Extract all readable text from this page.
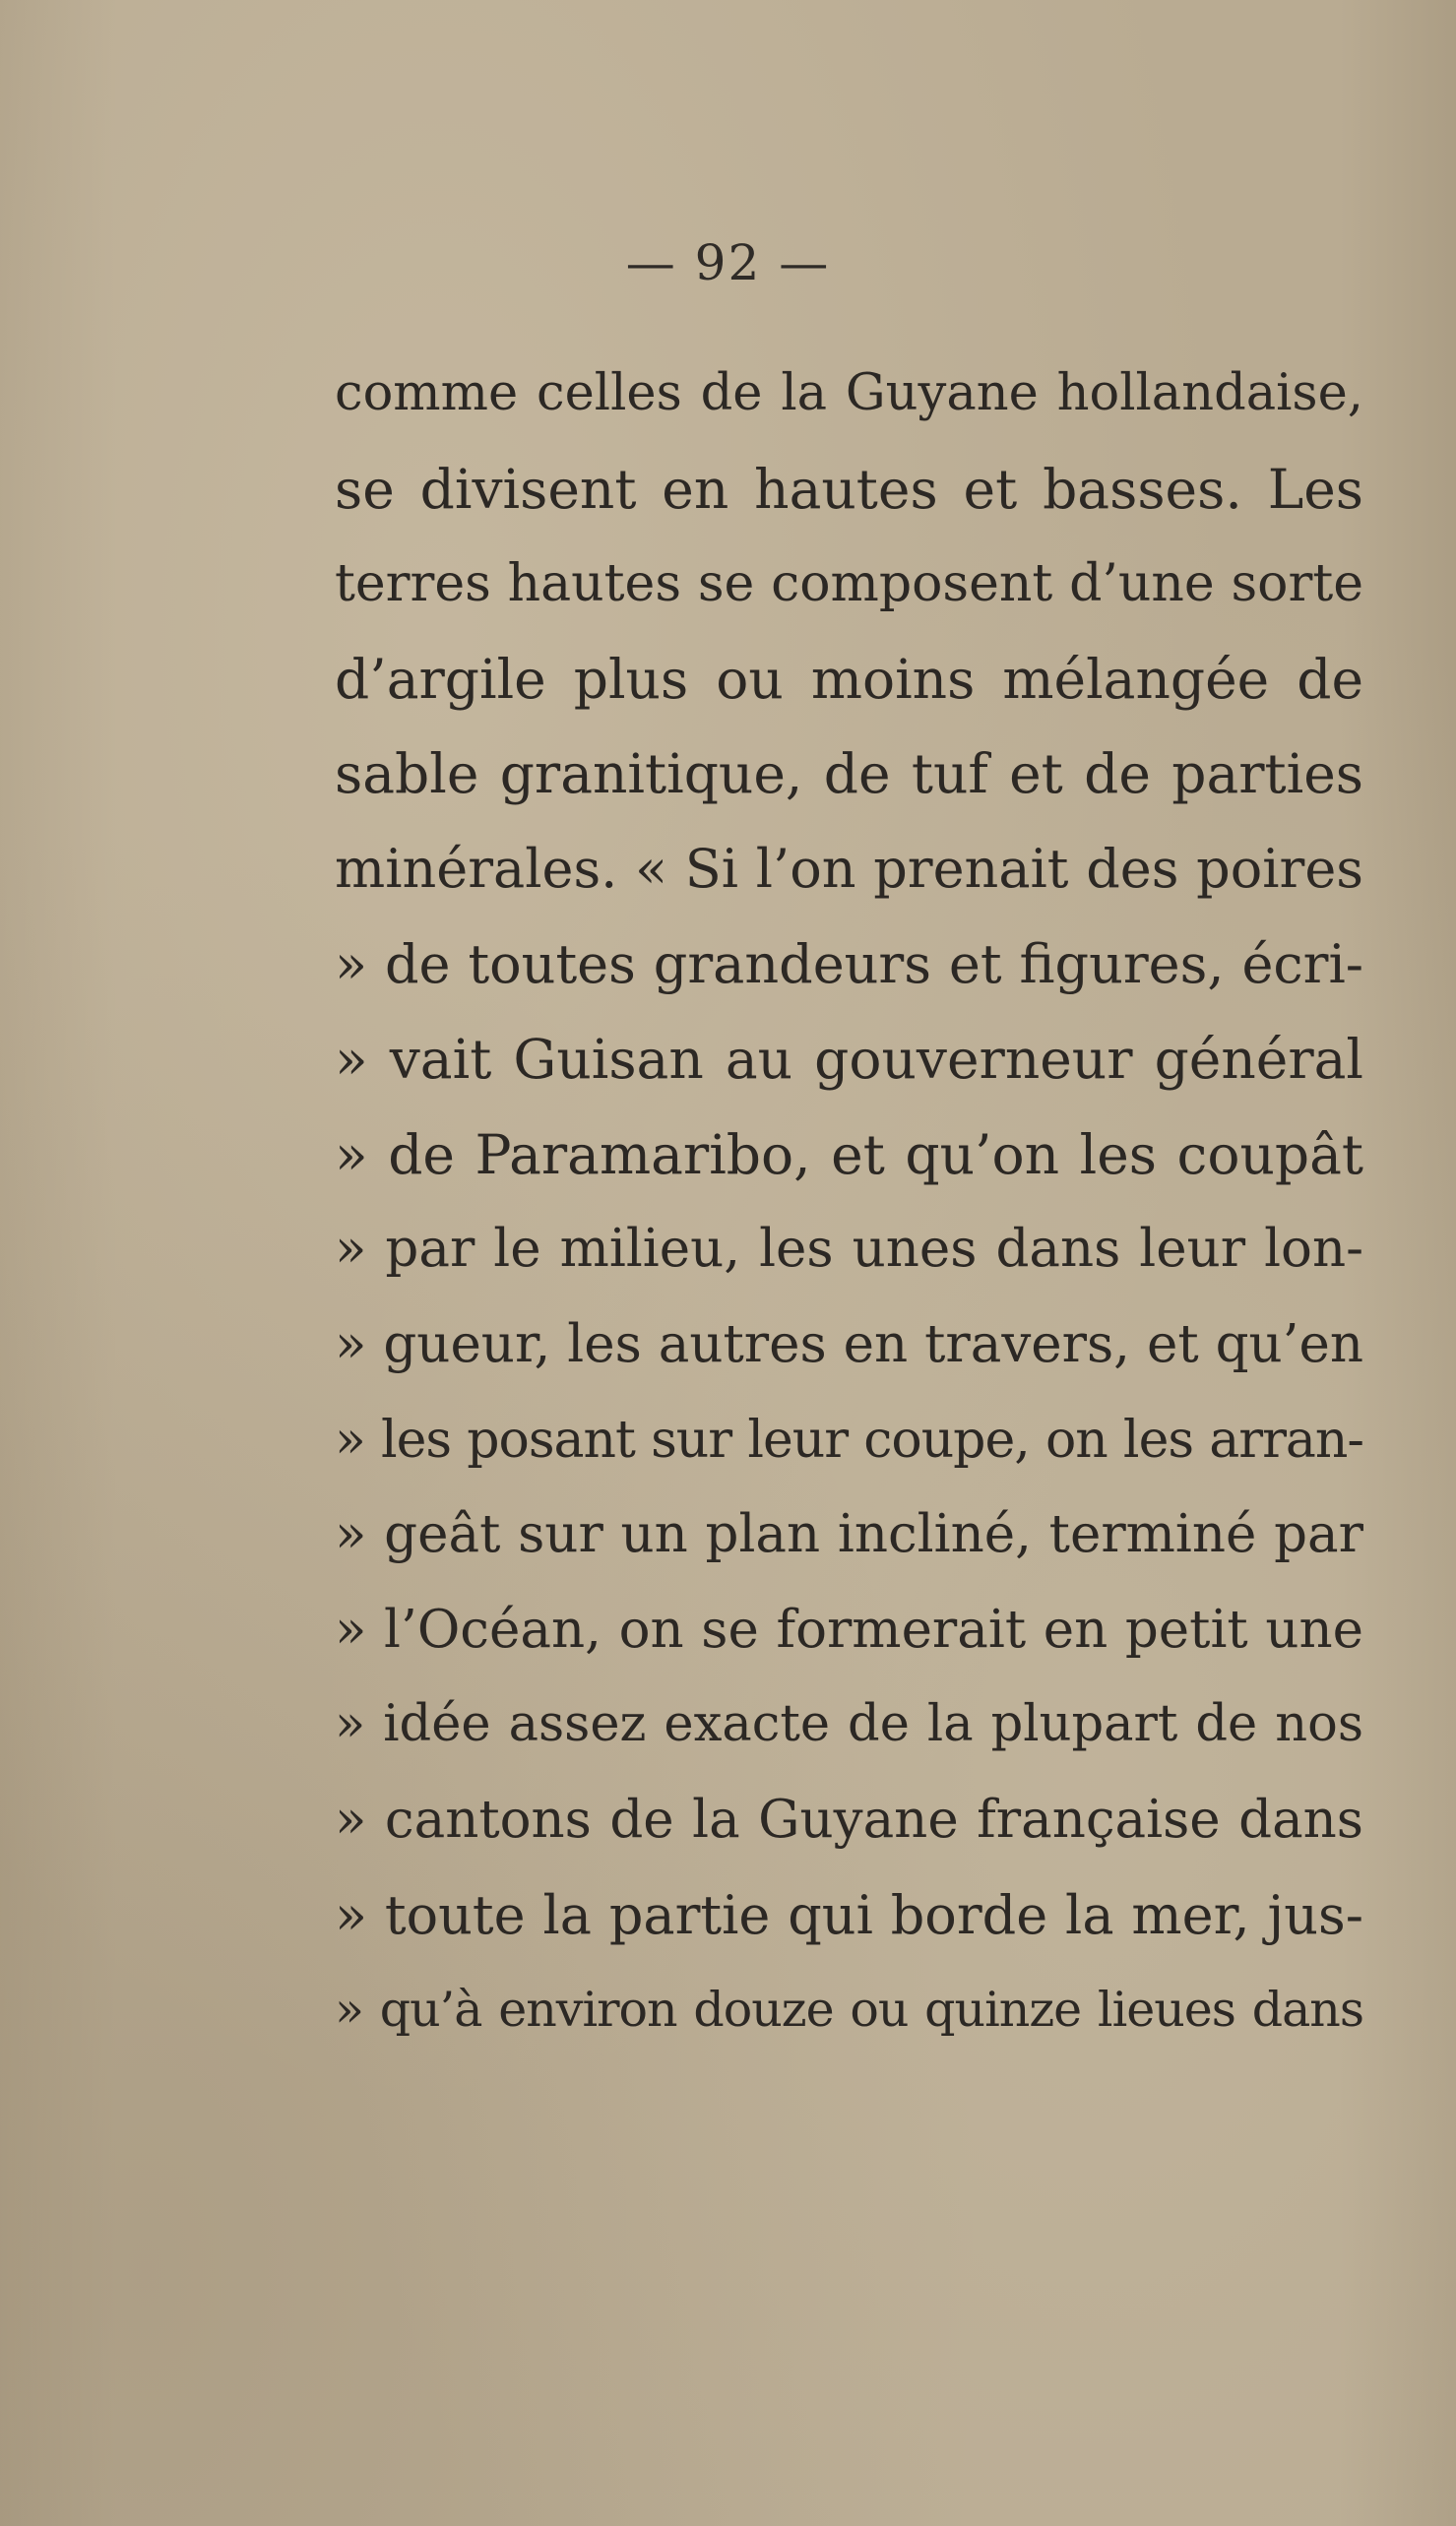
— 92 —
comme celles de la Guyane hollandaise,
se divisent en hautes et basses. Les
terres hautes se composent d’une sorte
d’argile plus ou moins mélangée de
sable granitique, de tuf et de parties
minérales. « Si l’on prenait des poires
» de toutes grandeurs et figures, écri-
» vait Guisan au gouverneur général
» de Paramaribo, et qu’on les coupât
» par le milieu, les unes dans leur lon-
» gueur, les autres en travers, et qu’en
» les posant sur leur coupe, on les arran-
» geât sur un plan incliné, terminé par
» l’Océan, on se formerait en petit une
» idée assez exacte de la plupart de nos
» cantons de la Guyane française dans
» toute la partie qui borde la mer, jus-
» qu’à environ douze ou quinze lieues dans
